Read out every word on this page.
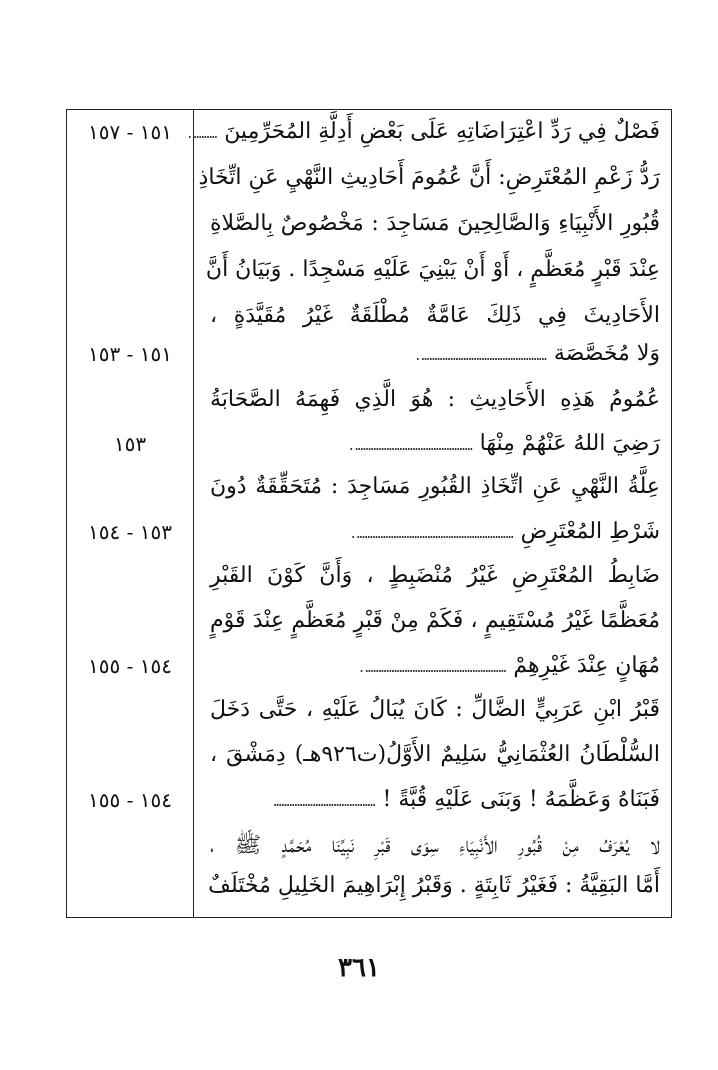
فَصْلٌ فِي رَدِّ اعْتِرَاضَاتِهِ عَلَى بَعْضِ أَدِلَّةِ المُحَرِّمِينَ ……….
١٥١ - ١٥٧
رَدُّ زَعْمِ المُعْتَرِضِ: أَنَّ عُمُومَ أَحَادِيثِ النَّهْيِ عَنِ اتِّخَاذِ
قُبُورِ الأَنْبِيَاءِ وَالصَّالِحِينَ مَسَاجِدَ : مَخْصُوصٌ بِالصَّلاةِ
عِنْدَ قَبْرٍ مُعَظَّمٍ ، أَوْ أَنْ يَبْنِيَ عَلَيْهِ مَسْجِدًا . وَبَيَانُ أَنَّ
الأَحَادِيثَ فِي ذَلِكَ عَامَّةٌ مُطْلَقَةٌ غَيْرُ مُقَيَّدَةٍ ،
وَلا مُخَصَّصَة ………………………………………….
١٥١ - ١٥٣
عُمُومُ هَذِهِ الأَحَادِيثِ : هُوَ الَّذِي فَهِمَهُ الصَّحَابَةُ
رَضِيَ اللهُ عَنْهُمْ مِنْهَا ……………………………………….
١٥٣
عِلَّةُ النَّهْيِ عَنِ اتِّخَاذِ القُبُورِ مَسَاجِدَ : مُتَحَقِّقَةٌ دُونَ
شَرْطِ المُعْتَرِضِ …………………………………………………….
١٥٣ - ١٥٤
ضَابِطُ المُعْتَرِضِ غَيْرُ مُنْضَبِطٍ ، وَأَنَّ كَوْنَ القَبْرِ
مُعَظَّمًا غَيْرُ مُسْتَقِيمٍ ، فَكَمْ مِنْ قَبْرٍ مُعَظَّمٍ عِنْدَ قَوْمٍ
مُهَانٍ عِنْدَ غَيْرِهِمْ ……………………………………………….
١٥٤ - ١٥٥
قَبْرُ ابْنِ عَرَبِيٍّ الضَّالِّ : كَانَ يُبَالُ عَلَيْهِ ، حَتَّى دَخَلَ
السُّلْطَانُ العُثْمَانِيُّ سَلِيمٌ الأَوَّلُ(ت٩٢٦هـ) دِمَشْقَ ،
فَبَنَاهُ وَعَظَّمَهُ ! وَبَنَى عَلَيْهِ قُبَّةً ! …………………………………
١٥٤ - ١٥٥
لا يُعْرَفُ مِنْ قُبُورِ الأَنْبِيَاءِ سِوَى قَبْرِ نَبِيِّنَا مُحَمَّدٍ ﷺ ،
أَمَّا البَقِيَّةُ : فَغَيْرُ ثَابِتَةٍ . وَقَبْرُ إِبْرَاهِيمَ الخَلِيلِ مُخْتَلَفٌ
٣٦١
